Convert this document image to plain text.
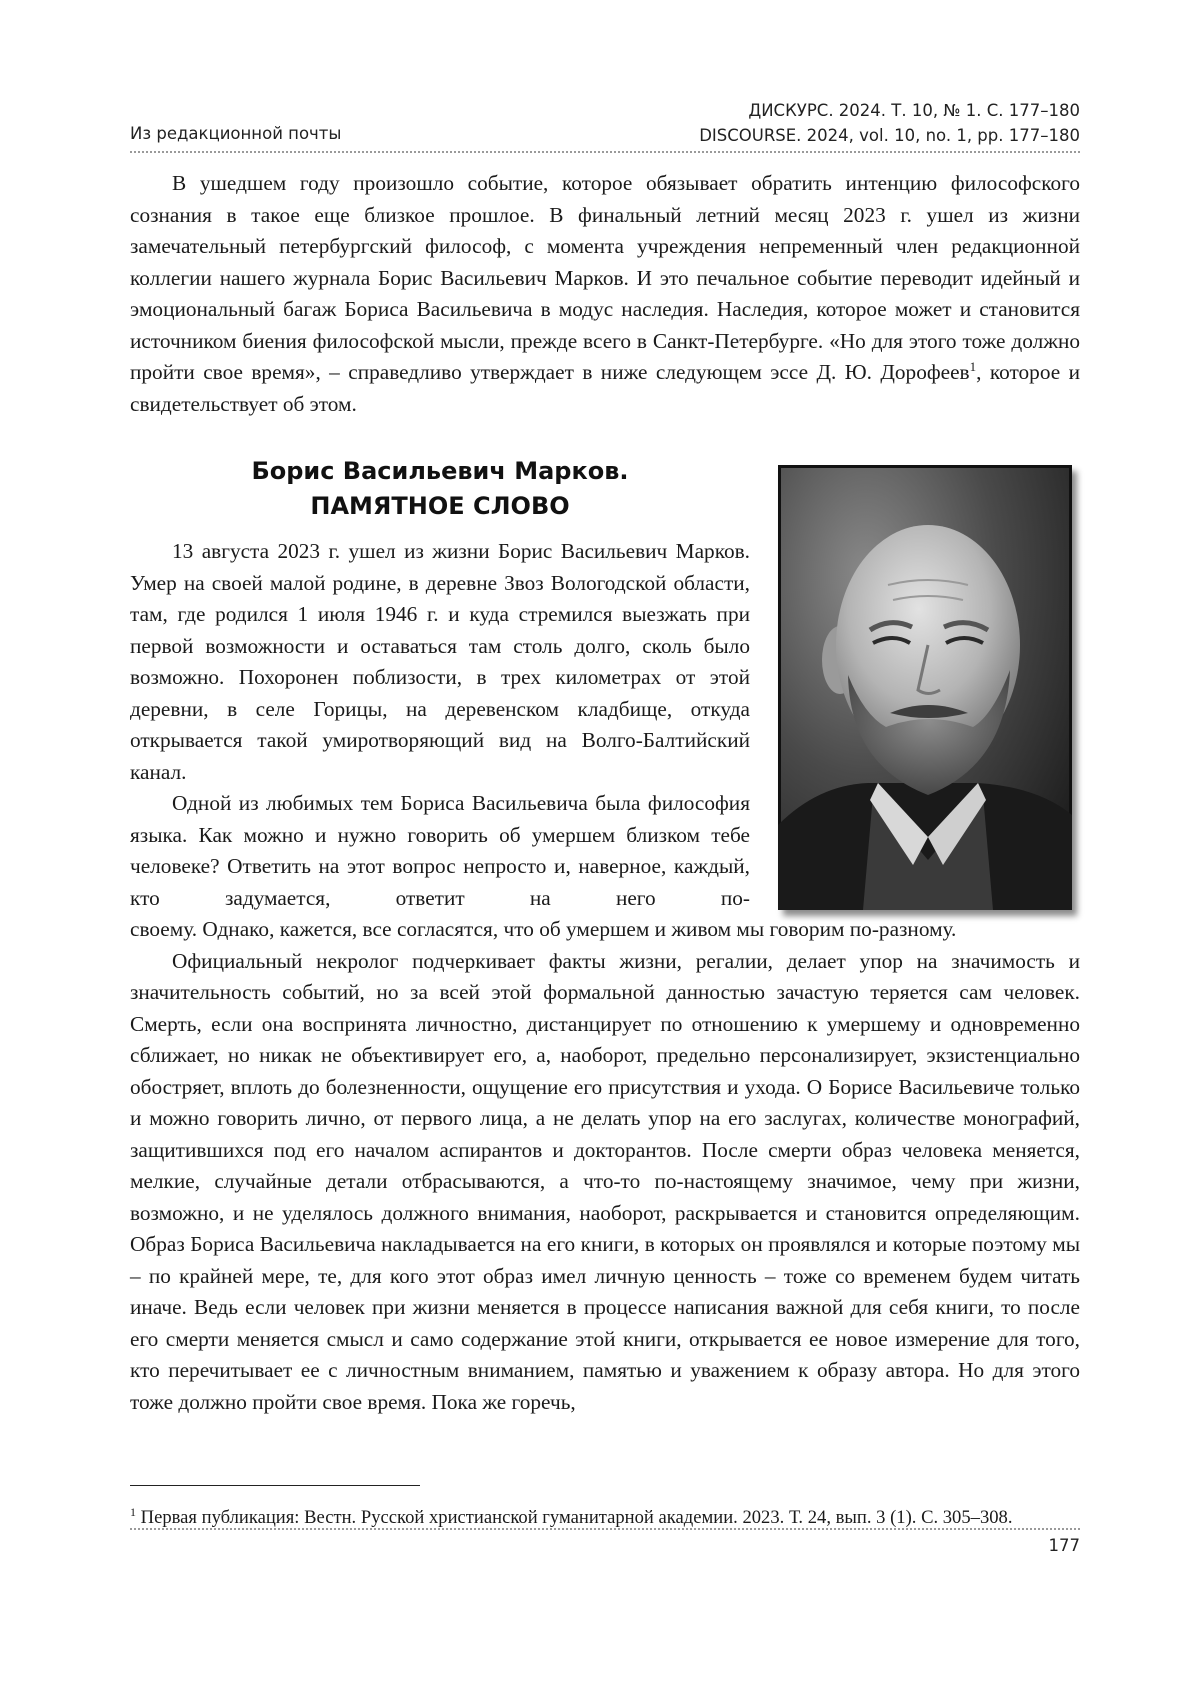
Из редакционной почты
ДИСКУРС. 2024. Т. 10, № 1. С. 177–180
DISCOURSE. 2024, vol. 10, no. 1, pp. 177–180

В ушедшем году произошло событие, которое обязывает обратить интенцию философского сознания в такое еще близкое прошлое. В финальный летний месяц 2023 г. ушел из жизни замечательный петербургский философ, с момента учреждения непременный член редакционной коллегии нашего журнала Борис Васильевич Марков. И это печальное событие переводит идейный и эмоциональный багаж Бориса Васильевича в модус наследия. Наследия, которое может и становится источником биения философской мысли, прежде всего в Санкт-Петербурге. «Но для этого тоже должно пройти свое время», – справедливо утверждает в ниже следующем эссе Д. Ю. Дорофеев$^1$, которое и свидетельствует об этом.

Борис Васильевич Марков.
ПАМЯТНОЕ СЛОВО

13 августа 2023 г. ушел из жизни Борис Васильевич Марков. Умер на своей малой родине, в деревне Звоз Вологодской области, там, где родился 1 июля 1946 г. и куда стремился выезжать при первой возможности и оставаться там столь долго, сколь было возможно. Похоронен поблизости, в трех километрах от этой деревни, в селе Горицы, на деревенском кладбище, откуда открывается такой умиротворяющий вид на Волго-Балтийский канал.

Одной из любимых тем Бориса Васильевича была философия языка. Как можно и нужно говорить об умершем близком тебе человеке? Ответить на этот вопрос непросто и, наверное, каждый, кто задумается, ответит на него по-

своему. Однако, кажется, все согласятся, что об умершем и живом мы говорим по-разному.

Официальный некролог подчеркивает факты жизни, регалии, делает упор на значимость и значительность событий, но за всей этой формальной данностью зачастую теряется сам человек. Смерть, если она воспринята личностно, дистанцирует по отношению к умершему и одновременно сближает, но никак не объективирует его, а, наоборот, предельно персонализирует, экзистенциально обостряет, вплоть до болезненности, ощущение его присутствия и ухода. О Борисе Васильевиче только и можно говорить лично, от первого лица, а не делать упор на его заслугах, количестве монографий, защитившихся под его началом аспирантов и докторантов. После смерти образ человека меняется, мелкие, случайные детали отбрасываются, а что-то по-настоящему значимое, чему при жизни, возможно, и не уделялось должного внимания, наоборот, раскрывается и становится определяющим. Образ Бориса Васильевича накладывается на его книги, в которых он проявлялся и которые поэтому мы – по крайней мере, те, для кого этот образ имел личную ценность – тоже со временем будем читать иначе. Ведь если человек при жизни меняется в процессе написания важной для себя книги, то после его смерти меняется смысл и само содержание этой книги, открывается ее новое измерение для того, кто перечитывает ее с личностным вниманием, памятью и уважением к образу автора. Но для этого тоже должно пройти свое время. Пока же горечь,

$^1$ Первая публикация: Вестн. Русской христианской гуманитарной академии. 2023. Т. 24, вып. 3 (1). С. 305–308.
177
